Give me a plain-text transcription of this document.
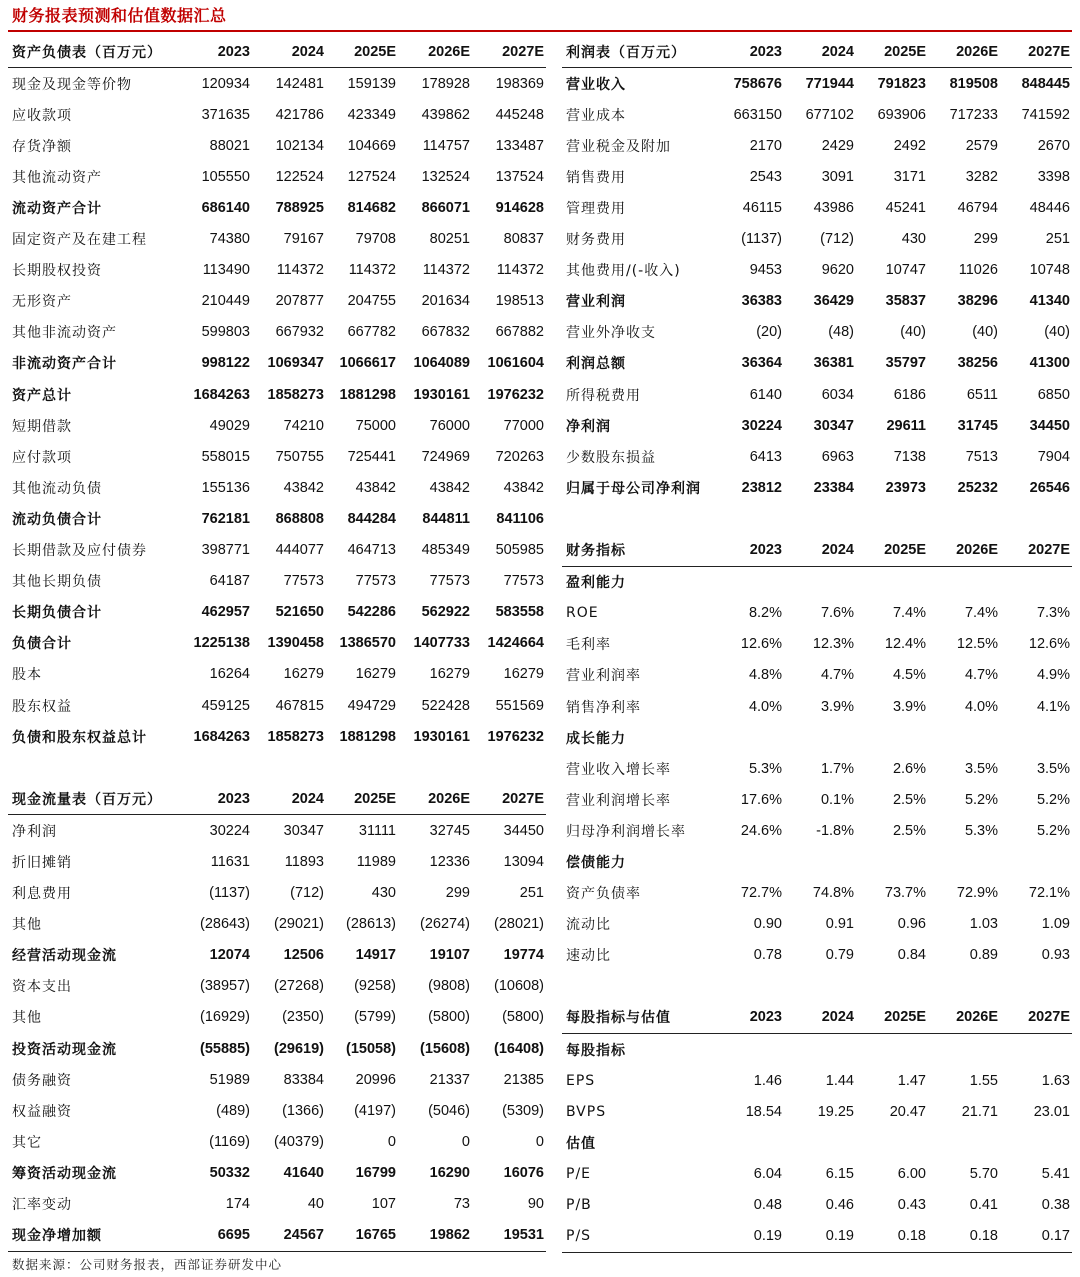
财务报表预测和估值数据汇总
资产负债表（百万元）	2023	2024	2025E	2026E	2027E
现金及现金等价物	120934	142481	159139	178928	198369
应收款项	371635	421786	423349	439862	445248
存货净额	88021	102134	104669	114757	133487
其他流动资产	105550	122524	127524	132524	137524
流动资产合计	686140	788925	814682	866071	914628
固定资产及在建工程	74380	79167	79708	80251	80837
长期股权投资	113490	114372	114372	114372	114372
无形资产	210449	207877	204755	201634	198513
其他非流动资产	599803	667932	667782	667832	667882
非流动资产合计	998122	1069347	1066617	1064089	1061604
资产总计	1684263	1858273	1881298	1930161	1976232
短期借款	49029	74210	75000	76000	77000
应付款项	558015	750755	725441	724969	720263
其他流动负债	155136	43842	43842	43842	43842
流动负债合计	762181	868808	844284	844811	841106
长期借款及应付债券	398771	444077	464713	485349	505985
其他长期负债	64187	77573	77573	77573	77573
长期负债合计	462957	521650	542286	562922	583558
负债合计	1225138	1390458	1386570	1407733	1424664
股本	16264	16279	16279	16279	16279
股东权益	459125	467815	494729	522428	551569
负债和股东权益总计	1684263	1858273	1881298	1930161	1976232

现金流量表（百万元）	2023	2024	2025E	2026E	2027E
净利润	30224	30347	31111	32745	34450
折旧摊销	11631	11893	11989	12336	13094
利息费用	(1137)	(712)	430	299	251
其他	(28643)	(29021)	(28613)	(26274)	(28021)
经营活动现金流	12074	12506	14917	19107	19774
资本支出	(38957)	(27268)	(9258)	(9808)	(10608)
其他	(16929)	(2350)	(5799)	(5800)	(5800)
投资活动现金流	(55885)	(29619)	(15058)	(15608)	(16408)
债务融资	51989	83384	20996	21337	21385
权益融资	(489)	(1366)	(4197)	(5046)	(5309)
其它	(1169)	(40379)	0	0	0
筹资活动现金流	50332	41640	16799	16290	16076
汇率变动	174	40	107	73	90
现金净增加额	6695	24567	16765	19862	19531
利润表（百万元）	2023	2024	2025E	2026E	2027E
营业收入	758676	771944	791823	819508	848445
营业成本	663150	677102	693906	717233	741592
营业税金及附加	2170	2429	2492	2579	2670
销售费用	2543	3091	3171	3282	3398
管理费用	46115	43986	45241	46794	48446
财务费用	(1137)	(712)	430	299	251
其他费用/(-收入)	9453	9620	10747	11026	10748
营业利润	36383	36429	35837	38296	41340
营业外净收支	(20)	(48)	(40)	(40)	(40)
利润总额	36364	36381	35797	38256	41300
所得税费用	6140	6034	6186	6511	6850
净利润	30224	30347	29611	31745	34450
少数股东损益	6413	6963	7138	7513	7904
归属于母公司净利润	23812	23384	23973	25232	26546

财务指标	2023	2024	2025E	2026E	2027E
盈利能力					
ROE	8.2%	7.6%	7.4%	7.4%	7.3%
毛利率	12.6%	12.3%	12.4%	12.5%	12.6%
营业利润率	4.8%	4.7%	4.5%	4.7%	4.9%
销售净利率	4.0%	3.9%	3.9%	4.0%	4.1%
成长能力					
营业收入增长率	5.3%	1.7%	2.6%	3.5%	3.5%
营业利润增长率	17.6%	0.1%	2.5%	5.2%	5.2%
归母净利润增长率	24.6%	-1.8%	2.5%	5.3%	5.2%
偿债能力					
资产负债率	72.7%	74.8%	73.7%	72.9%	72.1%
流动比	0.90	0.91	0.96	1.03	1.09
速动比	0.78	0.79	0.84	0.89	0.93

每股指标与估值	2023	2024	2025E	2026E	2027E
每股指标					
EPS	1.46	1.44	1.47	1.55	1.63
BVPS	18.54	19.25	20.47	21.71	23.01
估值					
P/E	6.04	6.15	6.00	5.70	5.41
P/B	0.48	0.46	0.43	0.41	0.38
P/S	0.19	0.19	0.18	0.18	0.17
数据来源：公司财务报表，西部证券研发中心
